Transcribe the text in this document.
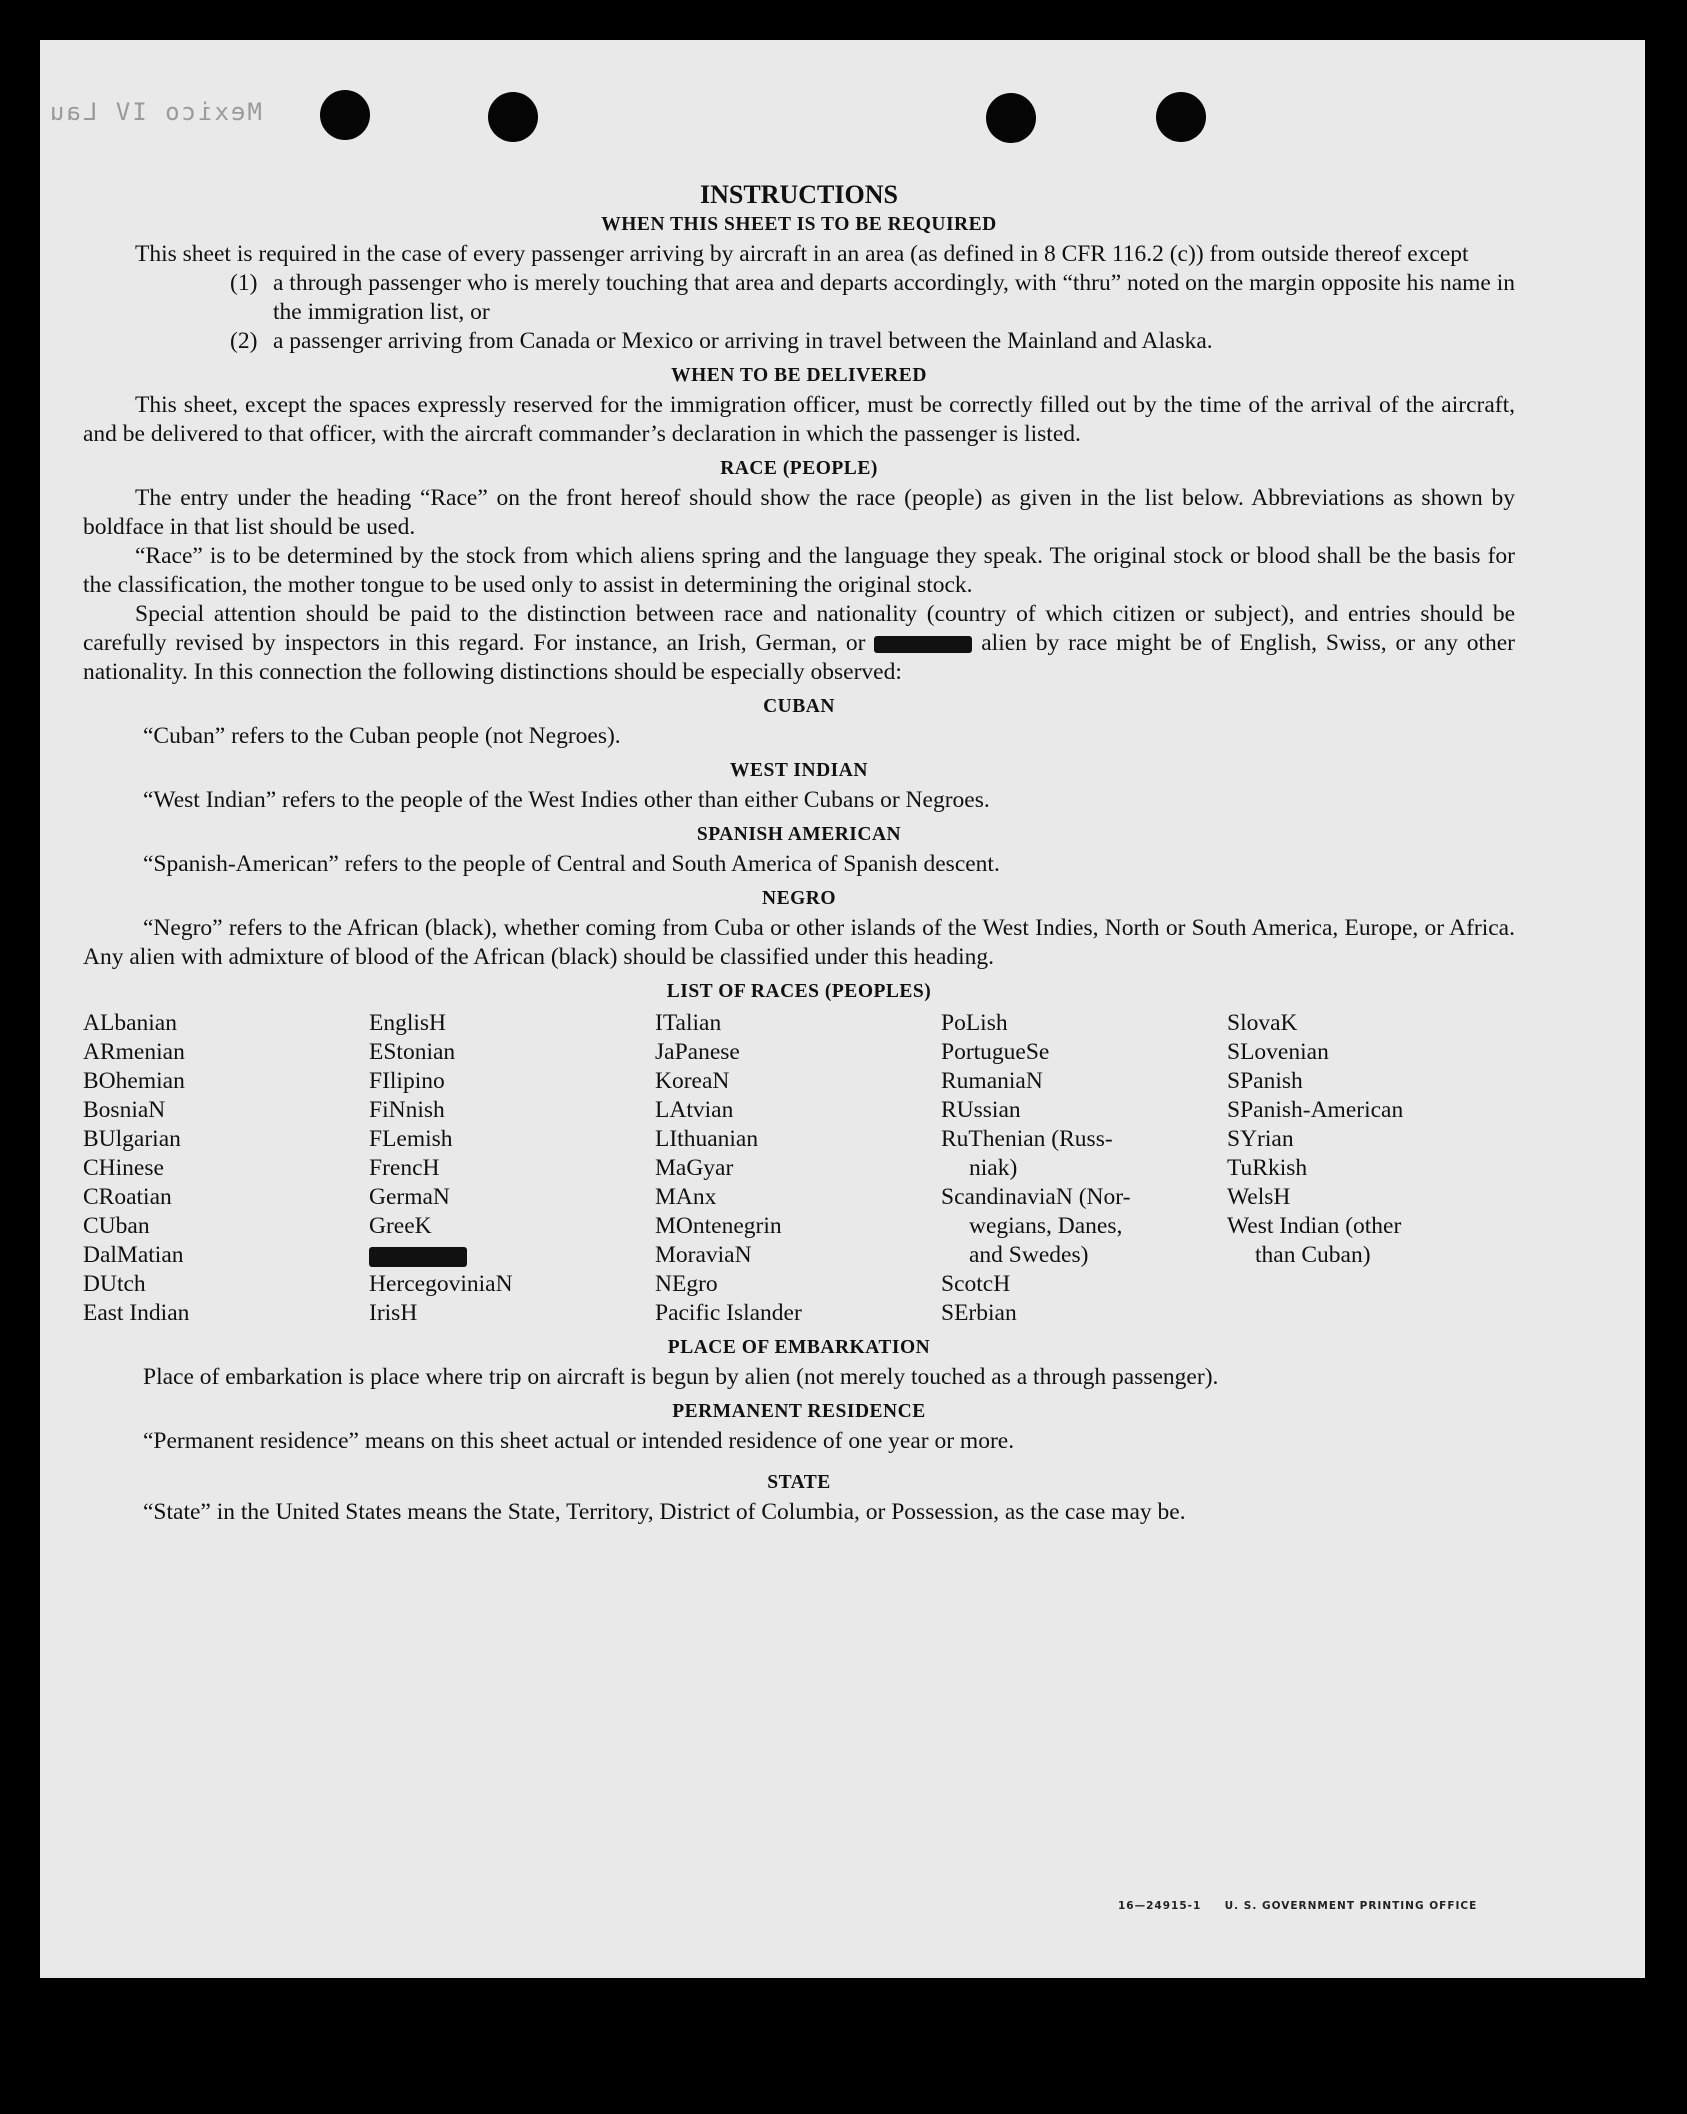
Mexico IV Lau
INSTRUCTIONS
WHEN THIS SHEET IS TO BE REQUIRED

This sheet is required in the case of every passenger arriving by aircraft in an area (as defined in 8 CFR 116.2 (c)) from outside thereof except

(1) a through passenger who is merely touching that area and departs accordingly, with “thru” noted on the margin opposite his name in the immigration list, or

(2) a passenger arriving from Canada or Mexico or arriving in travel between the Mainland and Alaska.

WHEN TO BE DELIVERED

This sheet, except the spaces expressly reserved for the immigration officer, must be correctly filled out by the time of the arrival of the aircraft, and be delivered to that officer, with the aircraft commander’s declaration in which the passenger is listed.

RACE (PEOPLE)

The entry under the heading “Race” on the front hereof should show the race (people) as given in the list below. Abbreviations as shown by boldface in that list should be used.

“Race” is to be determined by the stock from which aliens spring and the language they speak. The original stock or blood shall be the basis for the classification, the mother tongue to be used only to assist in determining the original stock.

Special attention should be paid to the distinction between race and nationality (country of which citizen or subject), and entries should be carefully revised by inspectors in this regard. For instance, an Irish, German, or	alien by race might be of English, Swiss, or any other nationality. In this connection the following distinctions should be especially observed:

CUBAN

“Cuban” refers to the Cuban people (not Negroes).

WEST INDIAN

“West Indian” refers to the people of the West Indies other than either Cubans or Negroes.

SPANISH AMERICAN

“Spanish-American” refers to the people of Central and South America of Spanish descent.

NEGRO

“Negro” refers to the African (black), whether coming from Cuba or other islands of the West Indies, North or South America, Europe, or Africa. Any alien with admixture of blood of the African (black) should be classified under this heading.

LIST OF RACES (PEOPLES)
ALbanian
ARmenian
BOhemian
BosniaN
BUlgarian
CHinese
CRoatian
CUban
DalMatian
DUtch
East Indian
EnglisH
EStonian
FIlipino
FiNnish
FLemish
FrencH
GermaN
GreeK
HercegoviniaN
IrisH
ITalian
JaPanese
KoreaN
LAtvian
LIthuanian
MaGyar
MAnx
MOntenegrin
MoraviaN
NEgro
Pacific Islander
PoLish
PortugueSe
RumaniaN
RUssian
RuThenian (Russ-
niak)
ScandinaviaN (Nor-
wegians, Danes,
and Swedes)
ScotcH
SErbian
SlovaK
SLovenian
SPanish
SPanish-American
SYrian
TuRkish
WelsH
West Indian (other
than Cuban)
PLACE OF EMBARKATION

Place of embarkation is place where trip on aircraft is begun by alien (not merely touched as a through passenger).

PERMANENT RESIDENCE

“Permanent residence” means on this sheet actual or intended residence of one year or more.

STATE

“State” in the United States means the State, Territory, District of Columbia, or Possession, as the case may be.

16—24915-1 U. S. GOVERNMENT PRINTING OFFICE
